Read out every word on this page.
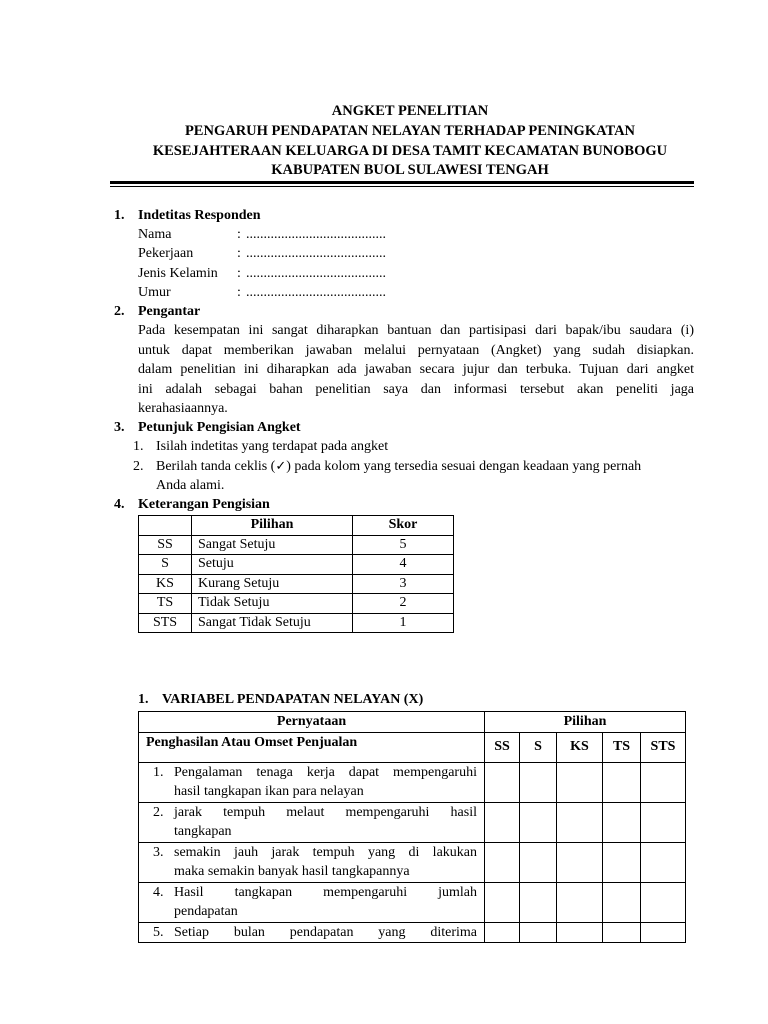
ANGKET PENELITIAN
PENGARUH PENDAPATAN NELAYAN TERHADAP PENINGKATAN
KESEJAHTERAAN KELUARGA DI DESA TAMIT KECAMATAN BUNOBOGU
KABUPATEN BUOL SULAWESI TENGAH
1. Indetitas Responden
Nama	: ........................................
Pekerjaan	: ........................................
Jenis Kelamin : ........................................
Umur	: ........................................
2. Pengantar
Pada kesempatan ini sangat diharapkan bantuan dan partisipasi dari bapak/ibu saudara (i)
untuk dapat memberikan jawaban melalui pernyataan (Angket) yang sudah disiapkan.
dalam penelitian ini diharapkan ada jawaban secara jujur dan terbuka. Tujuan dari angket
ini adalah sebagai bahan penelitian saya dan informasi tersebut akan peneliti jaga
kerahasiaannya.
3. Petunjuk Pengisian Angket
1. Isilah indetitas yang terdapat pada angket
2. Berilah tanda ceklis ( ✓ ) pada kolom yang tersedia sesuai dengan keadaan yang pernah
Anda alami.
4. Keterangan Pengisian
	Pilihan	Skor
SS	Sangat Setuju	5
S	Setuju	4
KS	Kurang Setuju	3
TS	Tidak Setuju	2
STS	Sangat Tidak Setuju	1
1. VARIABEL PENDAPATAN NELAYAN (X)
Pernyataan	Pilihan				
Penghasilan Atau Omset Penjualan	SS	S	KS	TS	STS

1. Pengalaman tenaga kerja dapat mempengaruhi
hasil tangkapan ikan para nelayan					

2. jarak tempuh melaut mempengaruhi hasil
tangkapan					

3. semakin jauh jarak tempuh yang di lakukan
maka semakin banyak hasil tangkapannya					

4. Hasil tangkapan mempengaruhi jumlah
pendapatan					

5. Setiap bulan pendapatan yang diterima					
